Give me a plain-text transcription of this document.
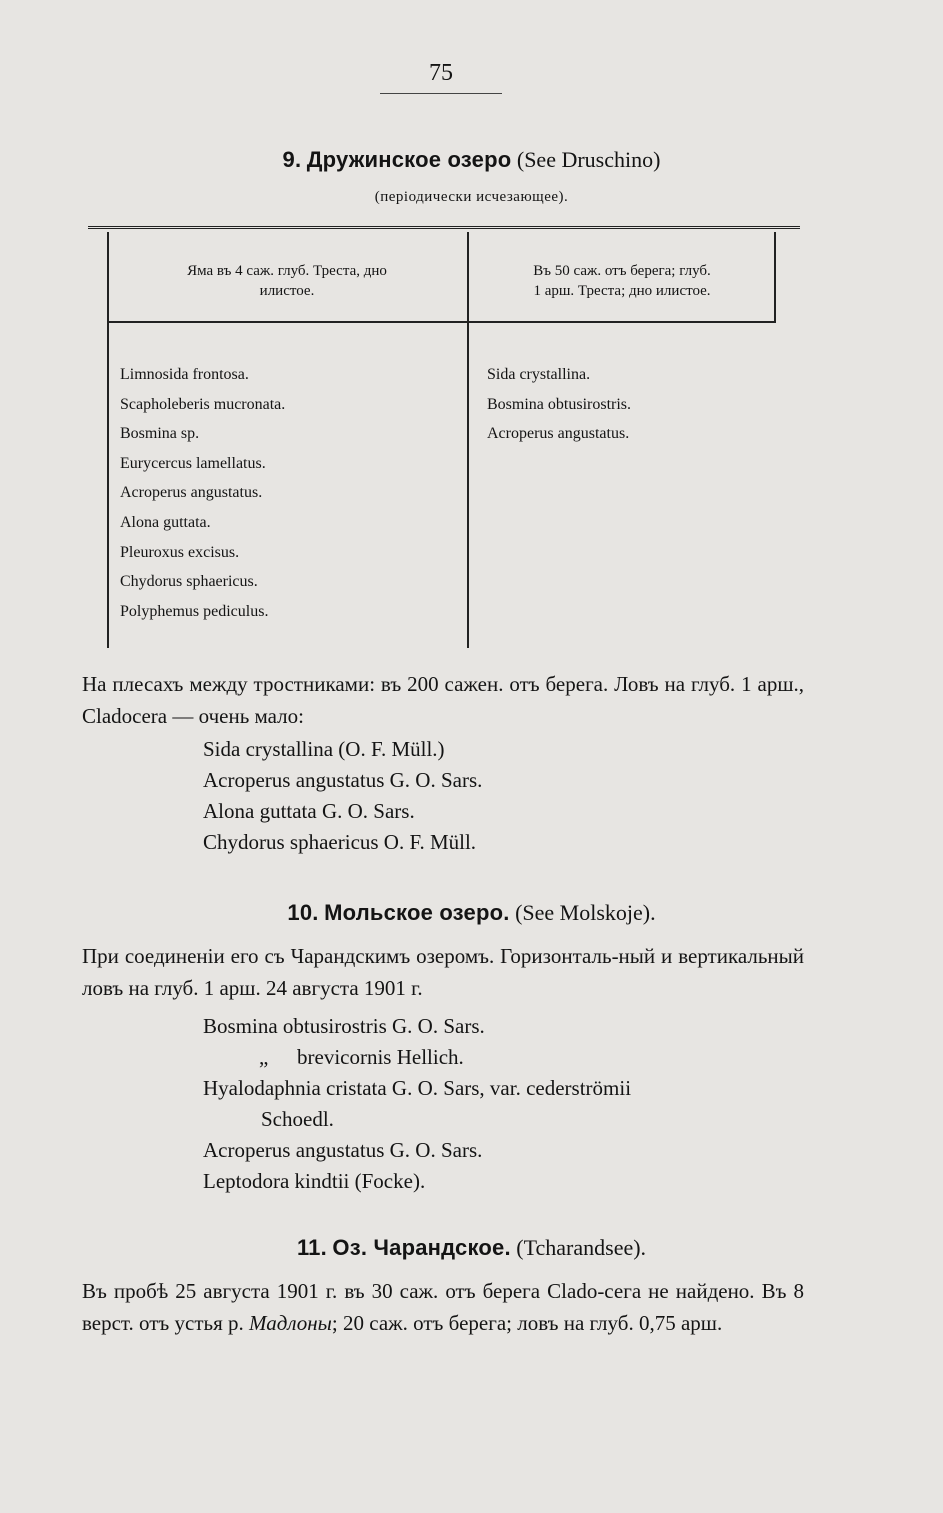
75
9. Дружинское озеро (See Druschino)
(періодически исчезающее).
Яма въ 4 саж. глуб. Треста, дно
илистое.
Въ 50 саж. отъ берега; глуб.
1 арш. Треста; дно илистое.
Limnosida frontosa.
Scapholeberis mucronata.
Bosmina sp.
Eurycercus lamellatus.
Acroperus angustatus.
Alona guttata.
Pleuroxus excisus.
Chydorus sphaericus.
Polyphemus pediculus.
Sida crystallina.
Bosmina obtusirostris.
Acroperus angustatus.
На плесахъ между тростниками: въ 200 сажен. отъ берега. Ловъ на глуб. 1 арш., Cladocera — очень мало:
Sida crystallina (O. F. Müll.)
Acroperus angustatus G. O. Sars.
Alona guttata G. O. Sars.
Chydorus sphaericus O. F. Müll.
10. Мольское озеро. (See Molskoje).
При соединеніи его съ Чарандскимъ озеромъ. Горизонталь-ный и вертикальный ловъ на глуб. 1 арш. 24 августа 1901 г.
Bosmina obtusirostris G. O. Sars.
„ brevicornis Hellich.
Hyalodaphnia cristata G. O. Sars, var. cederströmii
Schoedl.
Acroperus angustatus G. O. Sars.
Leptodora kindtii (Focke).
11. Оз. Чарандское. (Tcharandsee).
Въ пробѣ 25 августа 1901 г. въ 30 саж. отъ берега Clado-сега не найдено. Въ 8 верст. отъ устья р. Мадлоны; 20 саж. отъ берега; ловъ на глуб. 0,75 арш.
